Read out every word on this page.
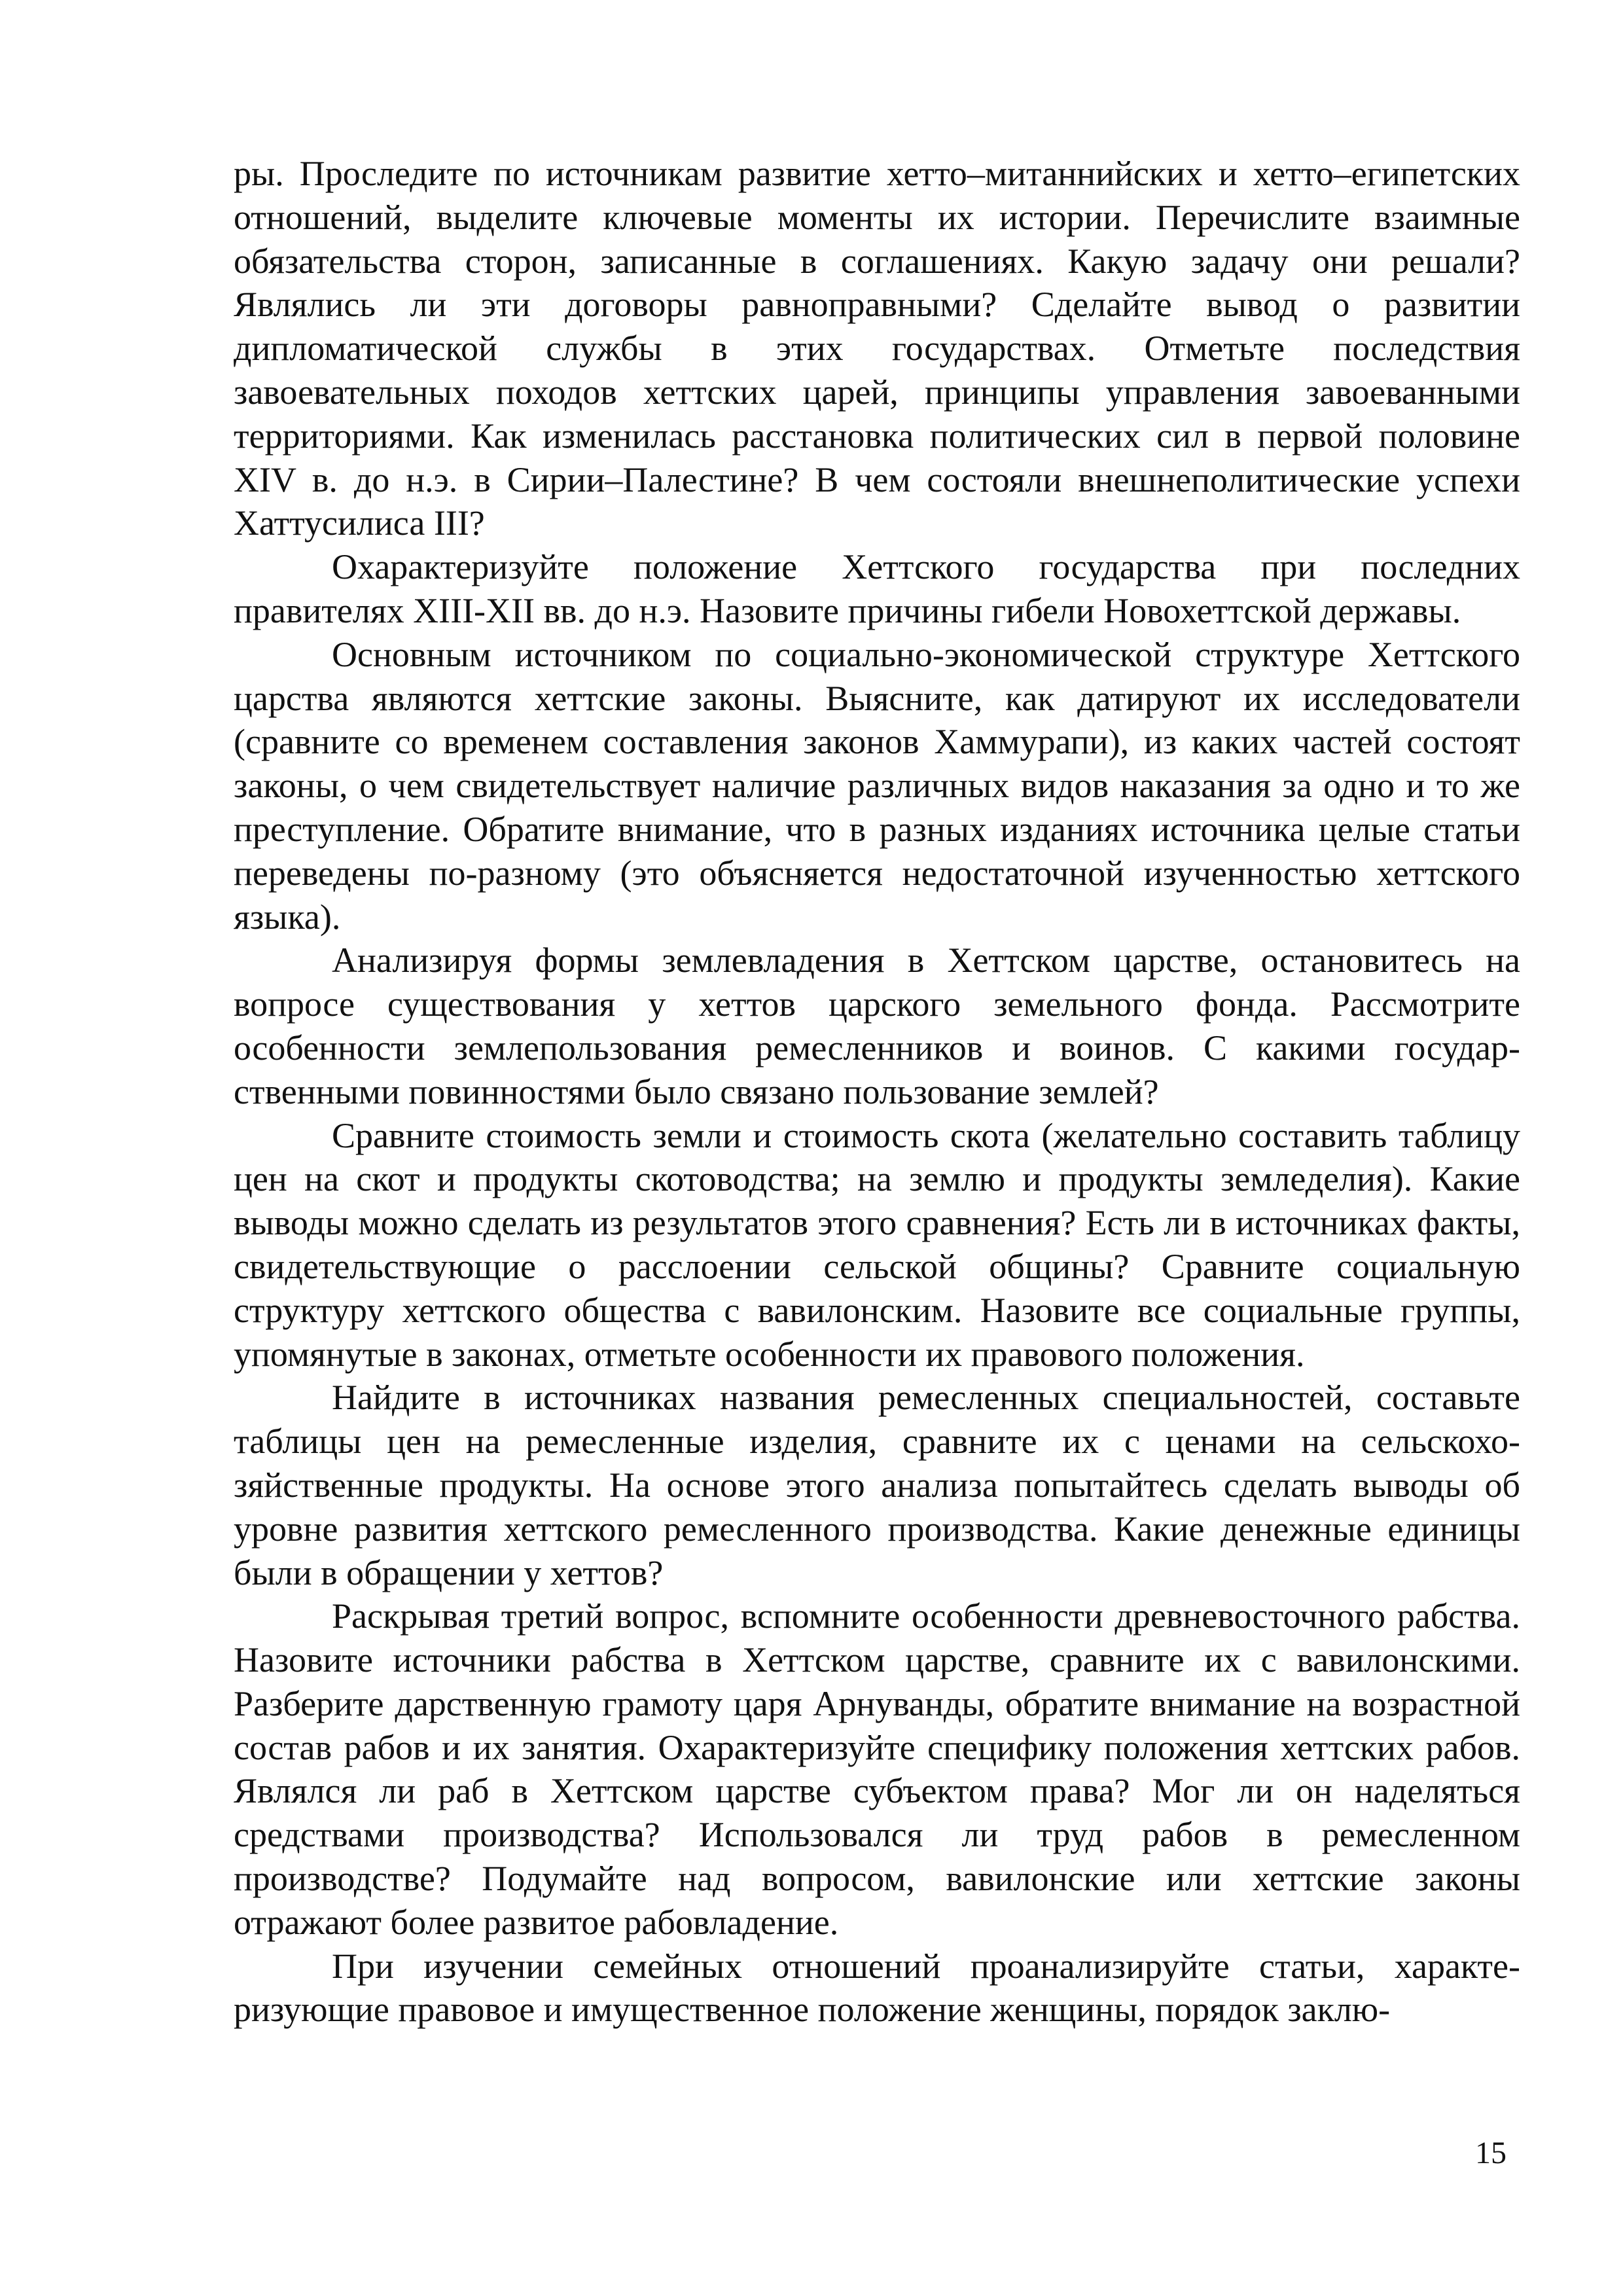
ры. Проследите по источникам развитие хетто–митаннийских и хетто–египетских отношений, выделите ключевые моменты их истории. Перечислите взаимные обязательства сторон, записанные в соглашениях. Какую задачу они решали? Являлись ли эти договоры равноправными? Сделайте вывод о развитии дипломатической службы в этих государствах. Отметьте последствия завоевательных походов хеттских царей, принципы управления завоеванными территориями. Как изменилась расстановка политических сил в первой половине XIV в. до н.э. в Сирии–Палестине? В чем состояли внешнеполитические успехи Хаттусилиса III?

Охарактеризуйте положение Хеттского государства при последних правителях XIII-XII вв. до н.э. Назовите причины гибели Новохеттской державы.

Основным источником по социально-экономической структуре Хеттского царства являются хеттские законы. Выясните, как датируют их исследователи (сравните со временем составления законов Хаммурапи), из каких частей состоят законы, о чем свидетельствует наличие различных видов наказания за одно и то же преступление. Обратите внимание, что в разных изданиях источника целые статьи переведены по-разному (это объясняется недостаточной изученностью хеттского языка).

Анализируя формы землевладения в Хеттском царстве, остановитесь на вопросе существования у хеттов царского земельного фонда. Рассмотрите особенности землепользования ремесленников и воинов. С какими государственными повинностями было связано пользование землей?

Сравните стоимость земли и стоимость скота (желательно составить таблицу цен на скот и продукты скотоводства; на землю и продукты земледелия). Какие выводы можно сделать из результатов этого сравнения? Есть ли в источниках факты, свидетельствующие о расслоении сельской общины? Сравните социальную структуру хеттского общества с вавилонским. Назовите все социальные группы, упомянутые в законах, отметьте особенности их правового положения.

Найдите в источниках названия ремесленных специальностей, составьте таблицы цен на ремесленные изделия, сравните их с ценами на сельскохозяйственные продукты. На основе этого анализа попытайтесь сделать выводы об уровне развития хеттского ремесленного производства. Какие денежные единицы были в обращении у хеттов?

Раскрывая третий вопрос, вспомните особенности древневосточного рабства. Назовите источники рабства в Хеттском царстве, сравните их с вавилонскими. Разберите дарственную грамоту царя Арнуванды, обратите внимание на возрастной состав рабов и их занятия. Охарактеризуйте специфику положения хеттских рабов. Являлся ли раб в Хеттском царстве субъектом права? Мог ли он наделяться средствами производства? Использовался ли труд рабов в ремесленном производстве? Подумайте над вопросом, вавилонские или хеттские законы отражают более развитое рабовладение.

При изучении семейных отношений проанализируйте статьи, характеризующие правовое и имущественное положение женщины, порядок заклю-

15
